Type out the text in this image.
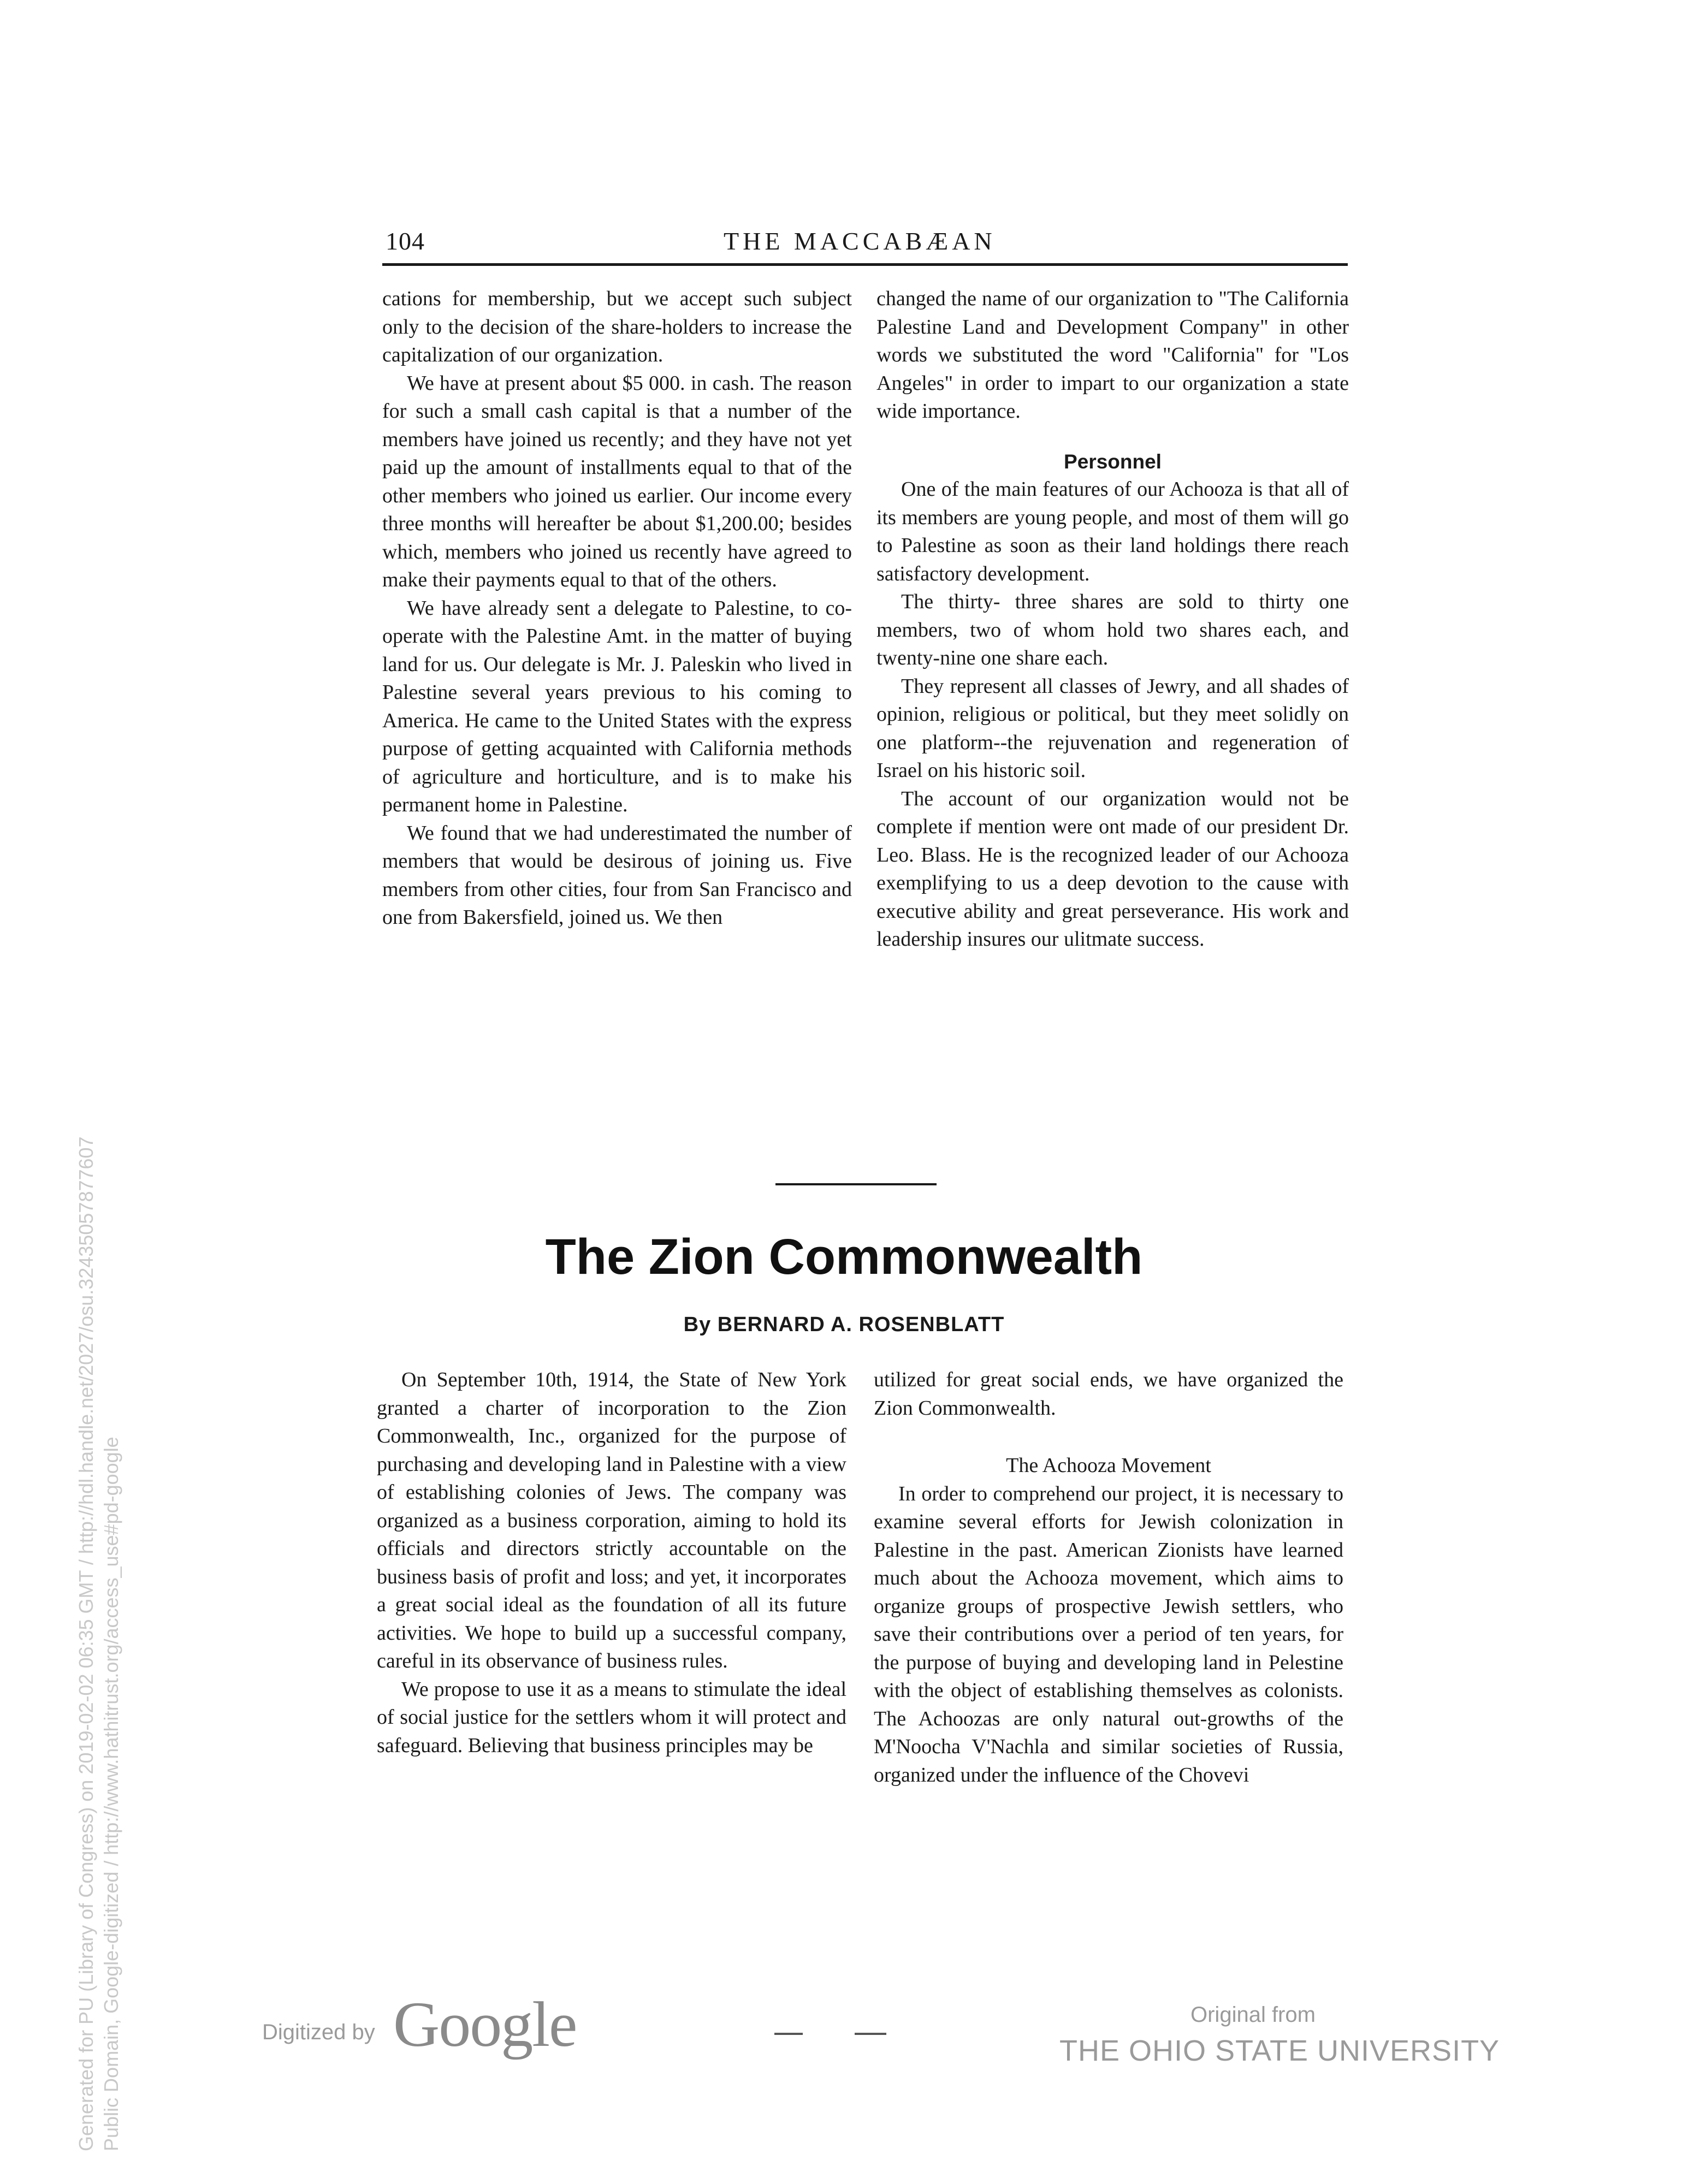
104	THE MACCABÆAN

cations for membership, but we accept such subject only to the decision of the share-holders to increase the capitalization of our organization.

We have at present about $5 000. in cash. The reason for such a small cash capital is that a number of the members have joined us recently; and they have not yet paid up the amount of installments equal to that of the other members who joined us earlier. Our income every three months will hereafter be about $1,200.00; besides which, members who joined us recently have agreed to make their payments equal to that of the others.

We have already sent a delegate to Palestine, to co-operate with the Palestine Amt. in the matter of buying land for us. Our delegate is Mr. J. Paleskin who lived in Palestine several years previous to his coming to America. He came to the United States with the express purpose of getting acquainted with California methods of agriculture and horticulture, and is to make his permanent home in Palestine.

We found that we had underestimated the number of members that would be desirous of joining us. Five members from other cities, four from San Francisco and one from Bakersfield, joined us. We then

changed the name of our organization to "The California Palestine Land and Development Company" in other words we substituted the word "California" for "Los Angeles" in order to impart to our organization a state wide importance.

Personnel

One of the main features of our Achooza is that all of its members are young people, and most of them will go to Palestine as soon as their land holdings there reach satisfactory development.

The thirty- three shares are sold to thirty one members, two of whom hold two shares each, and twenty-nine one share each.

They represent all classes of Jewry, and all shades of opinion, religious or political, but they meet solidly on one platform--the rejuvenation and regeneration of Israel on his historic soil.

The account of our organization would not be complete if mention were ont made of our president Dr. Leo. Blass. He is the recognized leader of our Achooza exemplifying to us a deep devotion to the cause with executive ability and great perseverance. His work and leadership insures our ulitmate success.

The Zion Commonwealth
By BERNARD A. ROSENBLATT

On September 10th, 1914, the State of New York granted a charter of incorporation to the Zion Commonwealth, Inc., organized for the purpose of purchasing and developing land in Palestine with a view of establishing colonies of Jews. The company was organized as a business corporation, aiming to hold its officials and directors strictly accountable on the business basis of profit and loss; and yet, it incorporates a great social ideal as the foundation of all its future activities. We hope to build up a successful company, careful in its observance of business rules.

We propose to use it as a means to stimulate the ideal of social justice for the settlers whom it will protect and safeguard. Believing that business principles may be

utilized for great social ends, we have organized the Zion Commonwealth.

The Achooza Movement

In order to comprehend our project, it is necessary to examine several efforts for Jewish colonization in Palestine in the past. American Zionists have learned much about the Achooza movement, which aims to organize groups of prospective Jewish settlers, who save their contributions over a period of ten years, for the purpose of buying and developing land in Pelestine with the object of establishing themselves as colonists. The Achoozas are only natural out-growths of the M'Noocha V'Nachla and similar societies of Russia, organized under the influence of the Chovevi

Generated for PU (Library of Congress) on 2019-02-02 06:35 GMT / http://hdl.handle.net/2027/osu.32435057877607 Public Domain, Google-digitized / http://www.hathitrust.org/access_use#pd-google	Digitized by Google	Original from
THE OHIO STATE UNIVERSITY
